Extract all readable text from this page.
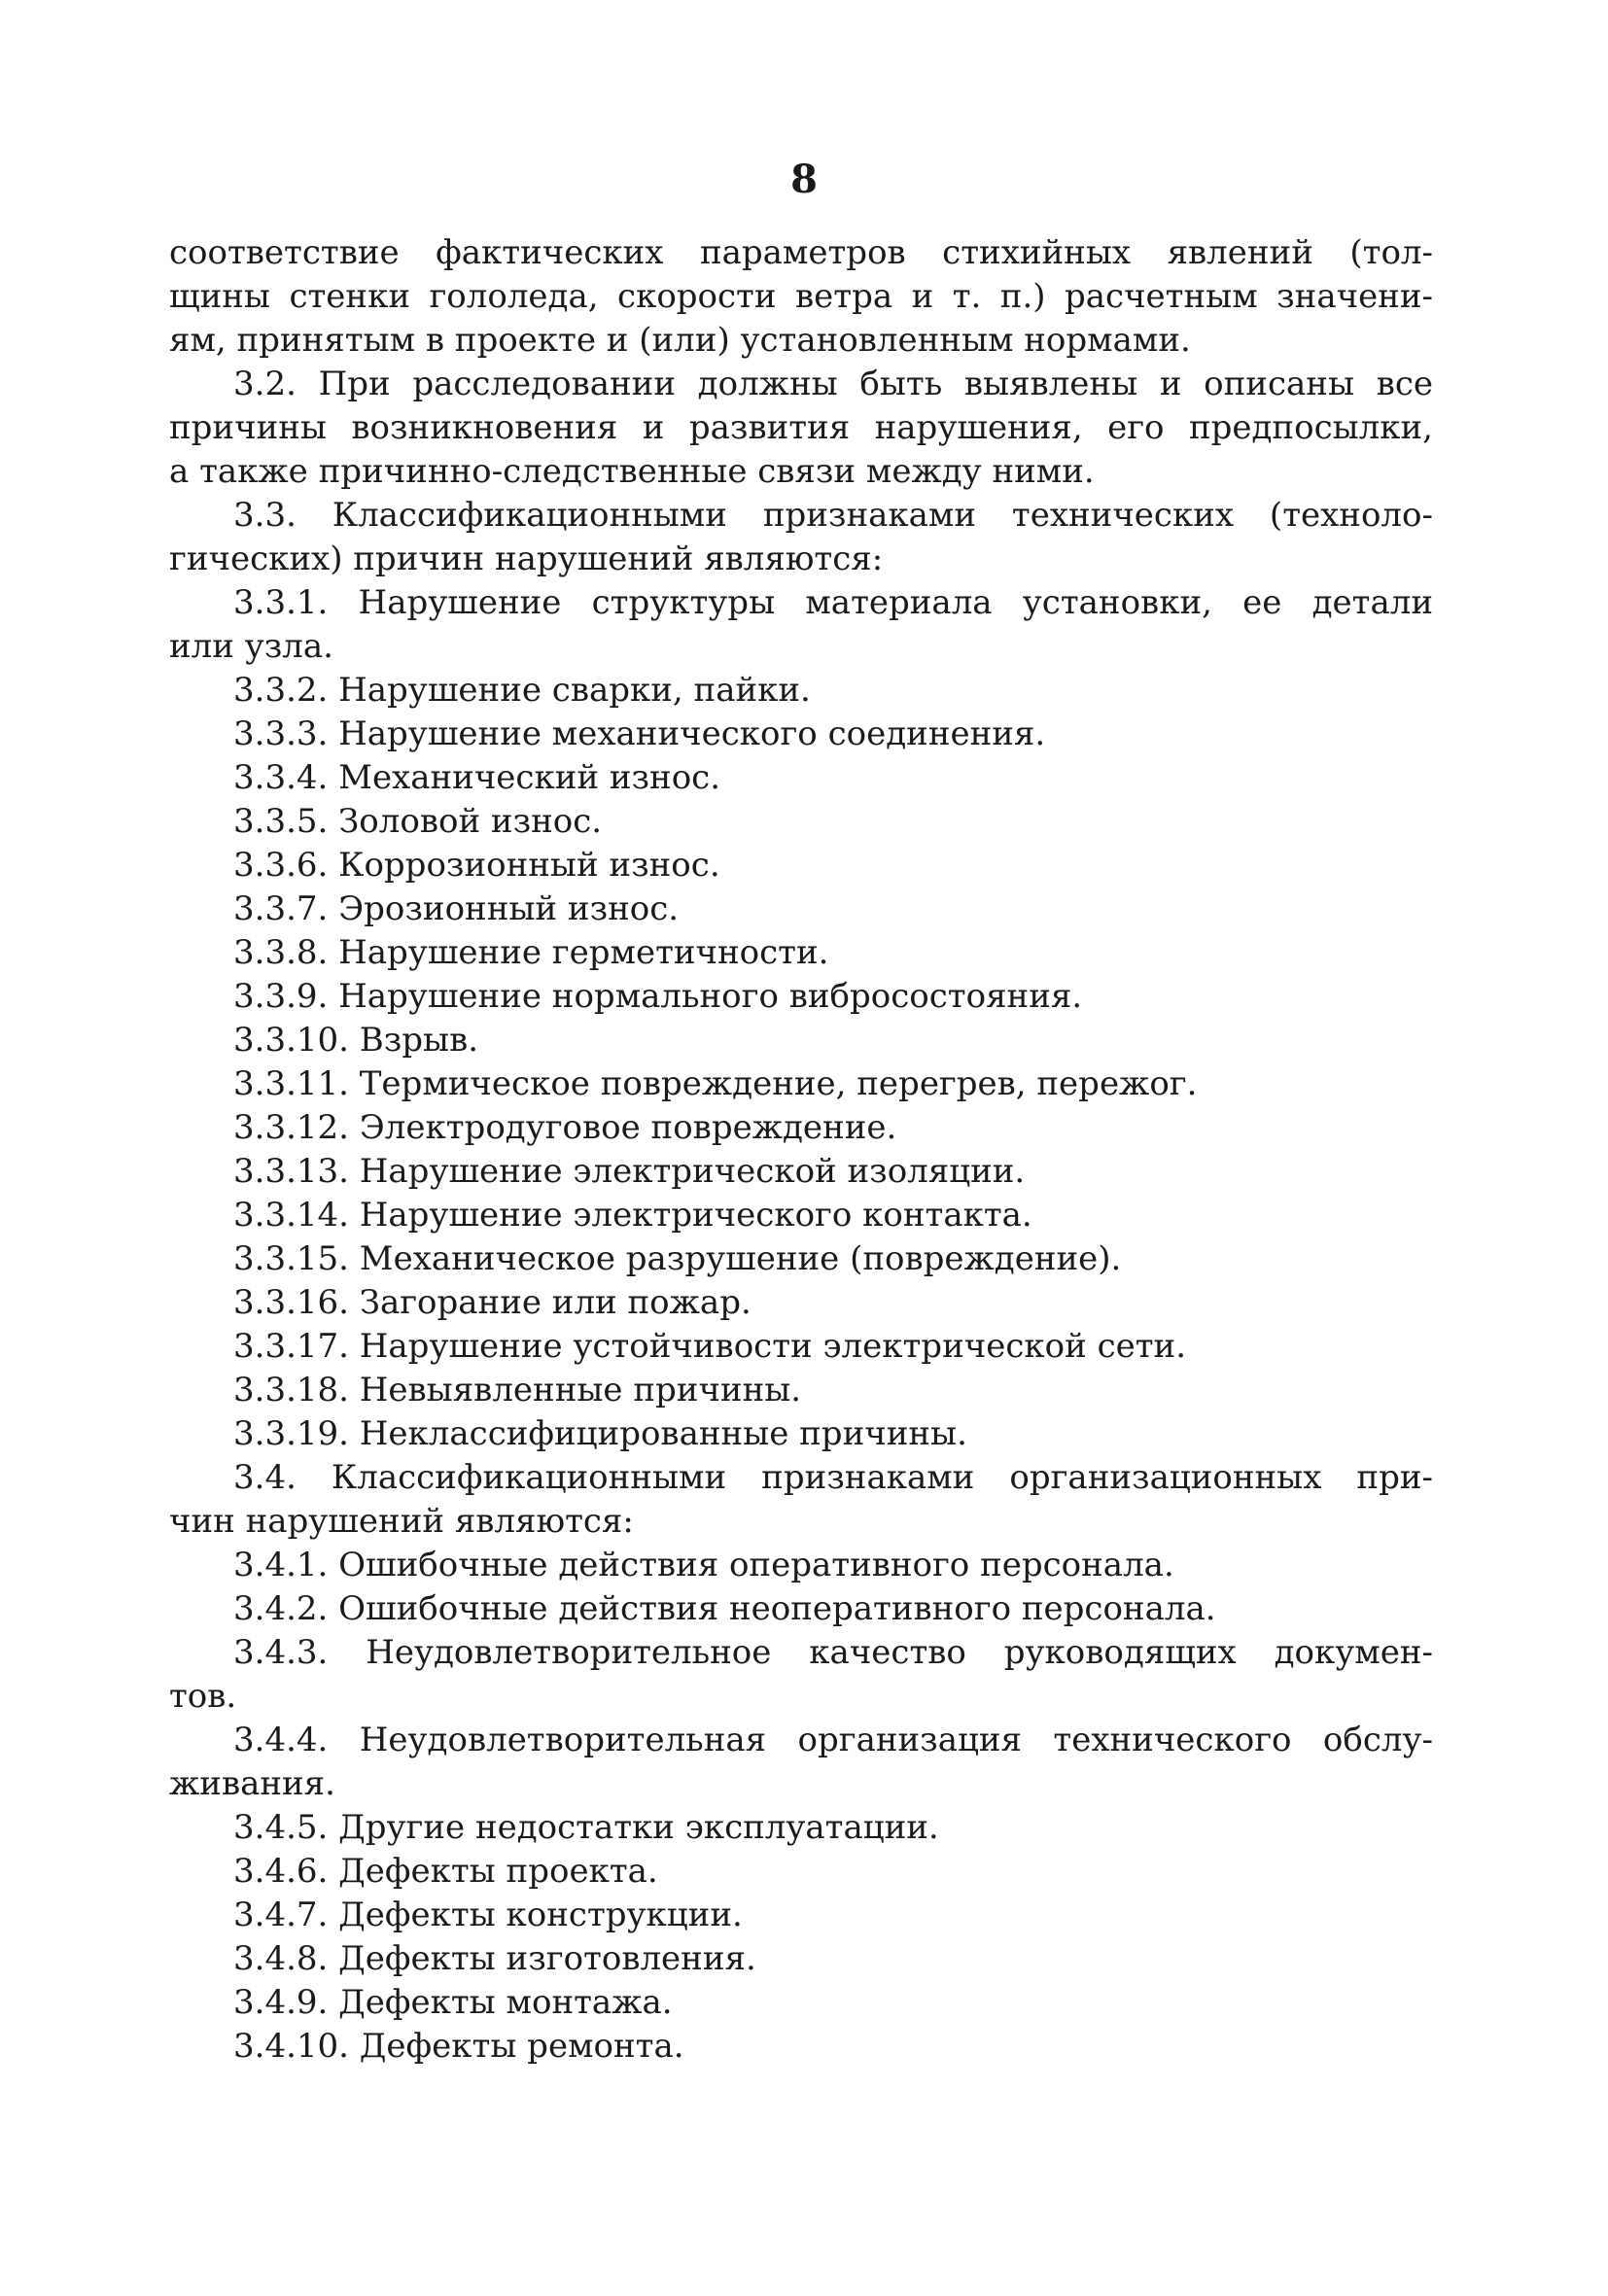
8
соответствие фактических параметров стихийных явлений (тол-
щины стенки гололеда, скорости ветра и т. п.) расчетным значени-
ям, принятым в проекте и (или) установленным нормами.
3.2. При расследовании должны быть выявлены и описаны все
причины возникновения и развития нарушения, его предпосылки,
а также причинно-следственные связи между ними.
3.3. Классификационными признаками технических (техноло-
гических) причин нарушений являются:
3.3.1. Нарушение структуры материала установки, ее детали
или узла.
3.3.2. Нарушение сварки, пайки.
3.3.3. Нарушение механического соединения.
3.3.4. Механический износ.
3.3.5. Золовой износ.
3.3.6. Коррозионный износ.
3.3.7. Эрозионный износ.
3.3.8. Нарушение герметичности.
3.3.9. Нарушение нормального вибросостояния.
3.3.10. Взрыв.
3.3.11. Термическое повреждение, перегрев, пережог.
3.3.12. Электродуговое повреждение.
3.3.13. Нарушение электрической изоляции.
3.3.14. Нарушение электрического контакта.
3.3.15. Механическое разрушение (повреждение).
3.3.16. Загорание или пожар.
3.3.17. Нарушение устойчивости электрической сети.
3.3.18. Невыявленные причины.
3.3.19. Неклассифицированные причины.
3.4. Классификационными признаками организационных при-
чин нарушений являются:
3.4.1. Ошибочные действия оперативного персонала.
3.4.2. Ошибочные действия неоперативного персонала.
3.4.3. Неудовлетворительное качество руководящих докумен-
тов.
3.4.4. Неудовлетворительная организация технического обслу-
живания.
3.4.5. Другие недостатки эксплуатации.
3.4.6. Дефекты проекта.
3.4.7. Дефекты конструкции.
3.4.8. Дефекты изготовления.
3.4.9. Дефекты монтажа.
3.4.10. Дефекты ремонта.
